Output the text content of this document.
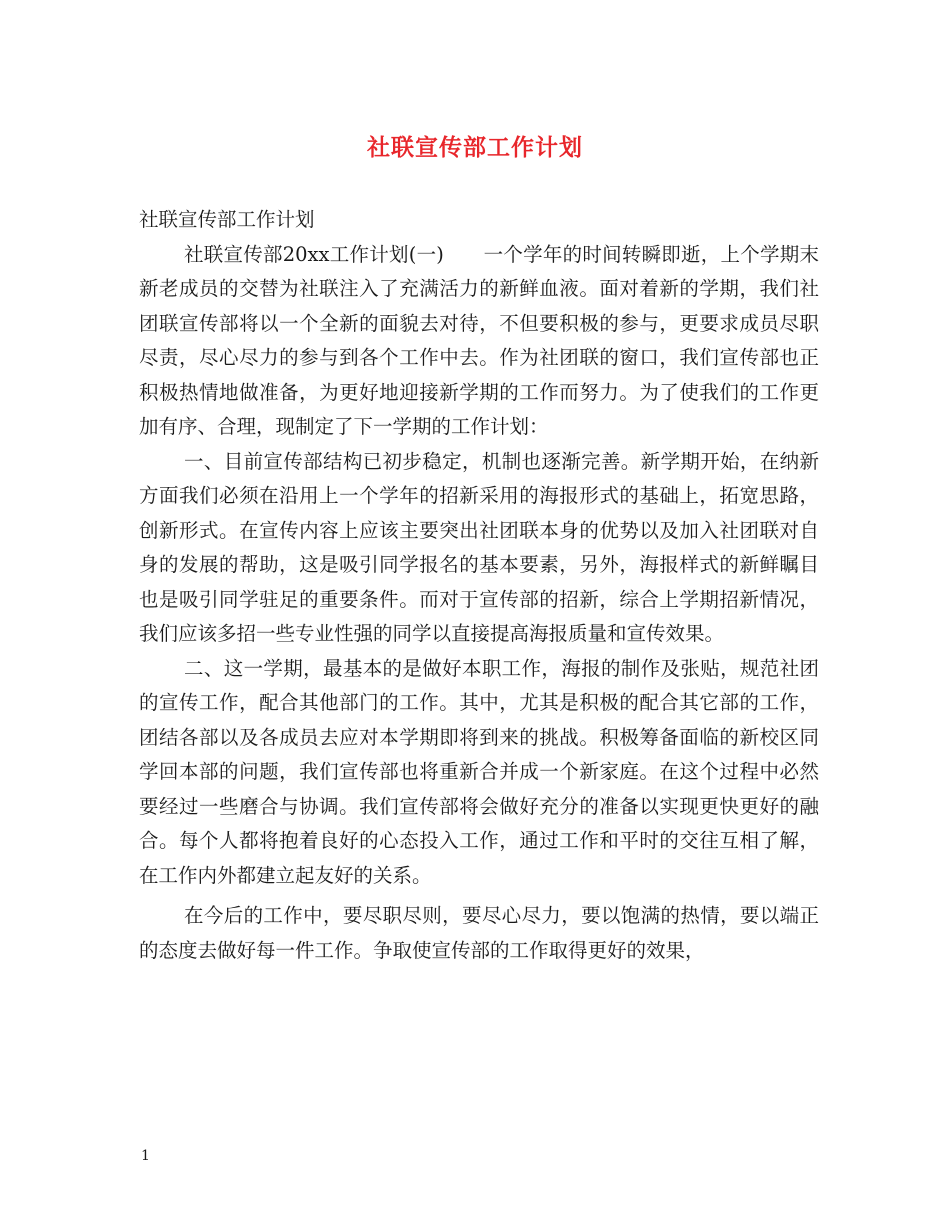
社联宣传部工作计划

社联宣传部工作计划

社联宣传部20xx工作计划(一)　　一个学年的时间转瞬即逝，上个学期末新老成员的交替为社联注入了充满活力的新鲜血液。面对着新的学期，我们社团联宣传部将以一个全新的面貌去对待，不但要积极的参与，更要求成员尽职尽责，尽心尽力的参与到各个工作中去。作为社团联的窗口，我们宣传部也正积极热情地做准备，为更好地迎接新学期的工作而努力。为了使我们的工作更加有序、合理，现制定了下一学期的工作计划：

一、目前宣传部结构已初步稳定，机制也逐渐完善。新学期开始，在纳新方面我们必须在沿用上一个学年的招新采用的海报形式的基础上，拓宽思路，创新形式。在宣传内容上应该主要突出社团联本身的优势以及加入社团联对自身的发展的帮助，这是吸引同学报名的基本要素，另外，海报样式的新鲜瞩目也是吸引同学驻足的重要条件。而对于宣传部的招新，综合上学期招新情况，我们应该多招一些专业性强的同学以直接提高海报质量和宣传效果。

二、这一学期，最基本的是做好本职工作，海报的制作及张贴，规范社团的宣传工作，配合其他部门的工作。其中，尤其是积极的配合其它部的工作，团结各部以及各成员去应对本学期即将到来的挑战。积极筹备面临的新校区同学回本部的问题，我们宣传部也将重新合并成一个新家庭。在这个过程中必然要经过一些磨合与协调。我们宣传部将会做好充分的准备以实现更快更好的融合。每个人都将抱着良好的心态投入工作，通过工作和平时的交往互相了解，在工作内外都建立起友好的关系。

在今后的工作中，要尽职尽则，要尽心尽力，要以饱满的热情，要以端正的态度去做好每一件工作。争取使宣传部的工作取得更好的效果，

1
